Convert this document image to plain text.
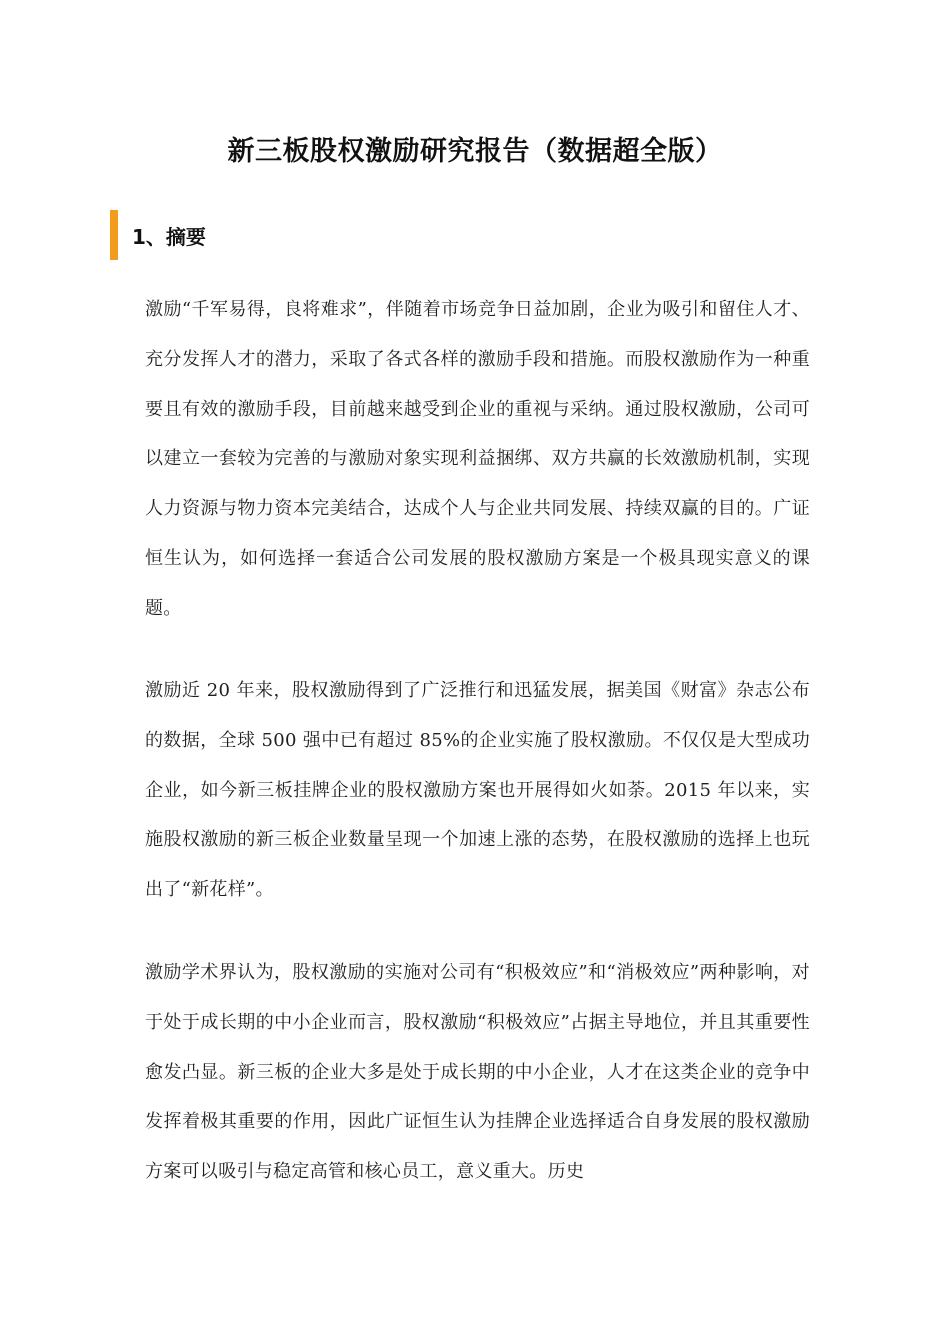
新三板股权激励研究报告（数据超全版）
1、摘要

激励“千军易得，良将难求”，伴随着市场竞争日益加剧，企业为吸引和留住人才、充分发挥人才的潜力，采取了各式各样的激励手段和措施。而股权激励作为一种重要且有效的激励手段，目前越来越受到企业的重视与采纳。通过股权激励，公司可以建立一套较为完善的与激励对象实现利益捆绑、双方共赢的长效激励机制，实现人力资源与物力资本完美结合，达成个人与企业共同发展、持续双赢的目的。广证恒生认为，如何选择一套适合公司发展的股权激励方案是一个极具现实意义的课题。

激励近 20 年来，股权激励得到了广泛推行和迅猛发展，据美国《财富》杂志公布的数据，全球 500 强中已有超过 85%的企业实施了股权激励。不仅仅是大型成功企业，如今新三板挂牌企业的股权激励方案也开展得如火如荼。2015 年以来，实施股权激励的新三板企业数量呈现一个加速上涨的态势，在股权激励的选择上也玩出了“新花样”。

激励学术界认为，股权激励的实施对公司有“积极效应”和“消极效应”两种影响，对于处于成长期的中小企业而言，股权激励“积极效应”占据主导地位，并且其重要性愈发凸显。新三板的企业大多是处于成长期的中小企业，人才在这类企业的竞争中发挥着极其重要的作用，因此广证恒生认为挂牌企业选择适合自身发展的股权激励方案可以吸引与稳定高管和核心员工，意义重大。历史
